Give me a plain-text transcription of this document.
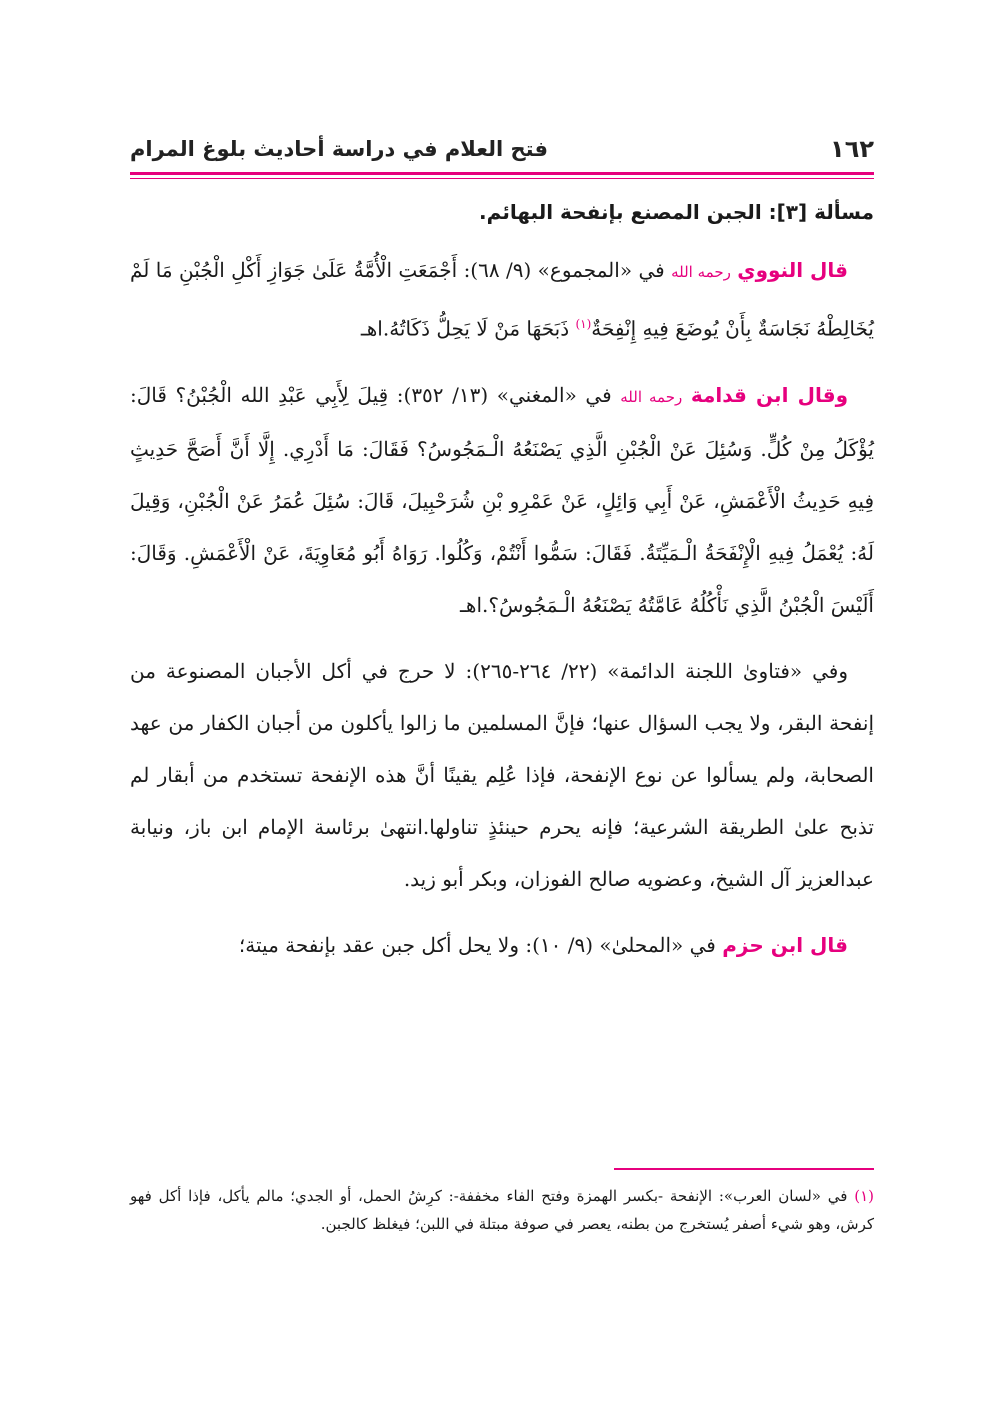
١٦٢
فتح العلام في دراسة أحاديث بلوغ المرام
مسألة [٣]: الجبن المصنع بإنفحة البهائم.

قال النووي رحمه الله في «المجموع» (٩/ ٦٨): أَجْمَعَتِ الْأُمَّةُ عَلَىٰ جَوَازِ أَكْلِ الْجُبْنِ مَا لَمْ يُخَالِطْهُ نَجَاسَةٌ بِأَنْ يُوضَعَ فِيهِ إِنْفِحَةٌ$^{(١)}$ ذَبَحَهَا مَنْ لَا يَحِلُّ ذَكَاتُهُ.اهـ

وقال ابن قدامة رحمه الله في «المغني» (١٣/ ٣٥٢): قِيلَ لِأَبِي عَبْدِ الله الْجُبْنُ؟ قَالَ: يُؤْكَلُ مِنْ كُلٍّ. وَسُئِلَ عَنْ الْجُبْنِ الَّذِي يَصْنَعُهُ الْـمَجُوسُ؟ فَقَالَ: مَا أَدْرِي. إِلَّا أَنَّ أَصَحَّ حَدِيثٍ فِيهِ حَدِيثُ الْأَعْمَشِ، عَنْ أَبِي وَائِلٍ، عَنْ عَمْرِو بْنِ شُرَحْبِيلَ، قَالَ: سُئِلَ عُمَرُ عَنْ الْجُبْنِ، وَقِيلَ لَهُ: يُعْمَلُ فِيهِ الْإِنْفَحَةُ الْـمَيِّتَةُ. فَقَالَ: سَمُّوا أَنْتُمْ، وَكُلُوا. رَوَاهُ أَبُو مُعَاوِيَةَ، عَنْ الْأَعْمَشِ. وَقَالَ: أَلَيْسَ الْجُبْنُ الَّذِي نَأْكُلُهُ عَامَّتُهُ يَصْنَعُهُ الْـمَجُوسُ؟.اهـ

وفي «فتاوىٰ اللجنة الدائمة» (٢٢/ ٢٦٤-٢٦٥): لا حرج في أكل الأجبان المصنوعة من إنفحة البقر، ولا يجب السؤال عنها؛ فإنَّ المسلمين ما زالوا يأكلون من أجبان الكفار من عهد الصحابة، ولم يسألوا عن نوع الإنفحة، فإذا عُلِم يقينًا أنَّ هذه الإنفحة تستخدم من أبقار لم تذبح علىٰ الطريقة الشرعية؛ فإنه يحرم حينئذٍ تناولها.انتهىٰ برئاسة الإمام ابن باز، ونيابة عبدالعزيز آل الشيخ، وعضويه صالح الفوزان، وبكر أبو زيد.

قال ابن حزم في «المحلىٰ» (٩/ ١٠): ولا يحل أكل جبن عقد بإنفحة ميتة؛

(١) في «لسان العرب»: الإنفحة -بكسر الهمزة وفتح الفاء مخففة-: كرِشُ الحمل، أو الجدي؛ مالم يأكل، فإذا أكل فهو كرش، وهو شيء أصفر يُستخرج من بطنه، يعصر في صوفة مبتلة في اللبن؛ فيغلظ كالجبن.
